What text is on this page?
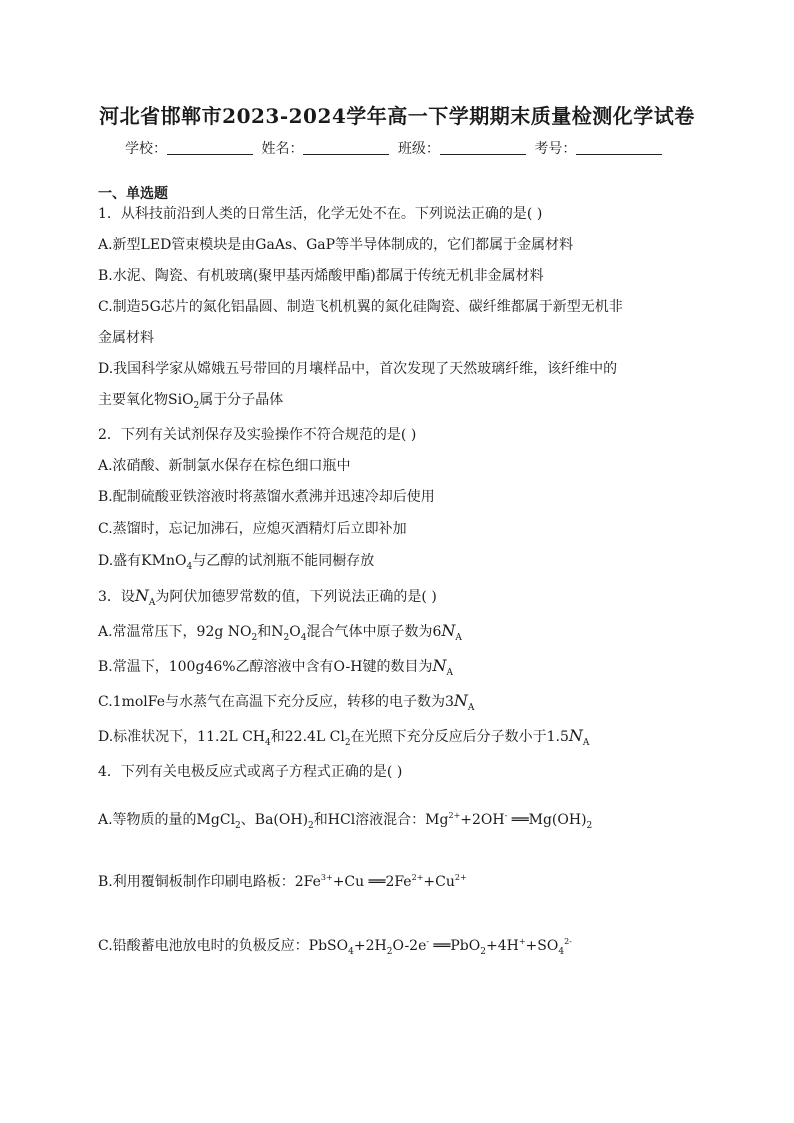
河北省邯郸市2023-2024学年高一下学期期末质量检测化学试卷
学校：	姓名：	班级：	考号：
一、单选题
1．从科技前沿到人类的日常生活，化学无处不在。下列说法正确的是( )
A.新型LED管束模块是由GaAs、GaP等半导体制成的，它们都属于金属材料
B.水泥、陶瓷、有机玻璃(聚甲基丙烯酸甲酯)都属于传统无机非金属材料
C.制造5G芯片的氮化铝晶圆、制造飞机机翼的氮化硅陶瓷、碳纤维都属于新型无机非
金属材料
D.我国科学家从嫦娥五号带回的月壤样品中，首次发现了天然玻璃纤维，该纤维中的
主要氧化物SiO$_2$属于分子晶体
2．下列有关试剂保存及实验操作不符合规范的是( )
A.浓硝酸、新制氯水保存在棕色细口瓶中
B.配制硫酸亚铁溶液时将蒸馏水煮沸并迅速冷却后使用
C.蒸馏时，忘记加沸石，应熄灭酒精灯后立即补加
D.盛有KMnO$_4$与乙醇的试剂瓶不能同橱存放
3．设$N_A$为阿伏加德罗常数的值，下列说法正确的是( )
A.常温常压下，92g $NO_2$和$N_2O_4$混合气体中原子数为$6N_A$
B.常温下，100g46%乙醇溶液中含有O-H键的数目为$N_A$
C.1molFe与水蒸气在高温下充分反应，转移的电子数为$3N_A$
D.标准状况下，11.2L $CH_4$和22.4L $Cl_2$在光照下充分反应后分子数小于$1.5N_A$
4．下列有关电极反应式或离子方程式正确的是( )
A.等物质的量的MgCl$_2$、$Ba(OH)_2$和HCl溶液混合：$Mg^{2+}+2OH^-$ $══Mg(OH)_2$
B.利用覆铜板制作印刷电路板：$2Fe^{3+}+Cu$ $══2Fe^{2+}+Cu^{2+}$
C.铅酸蓄电池放电时的负极反应：$PbSO_4+2H_2O-2e^-$ $══PbO_2+4H^++SO_4^{2-}$
